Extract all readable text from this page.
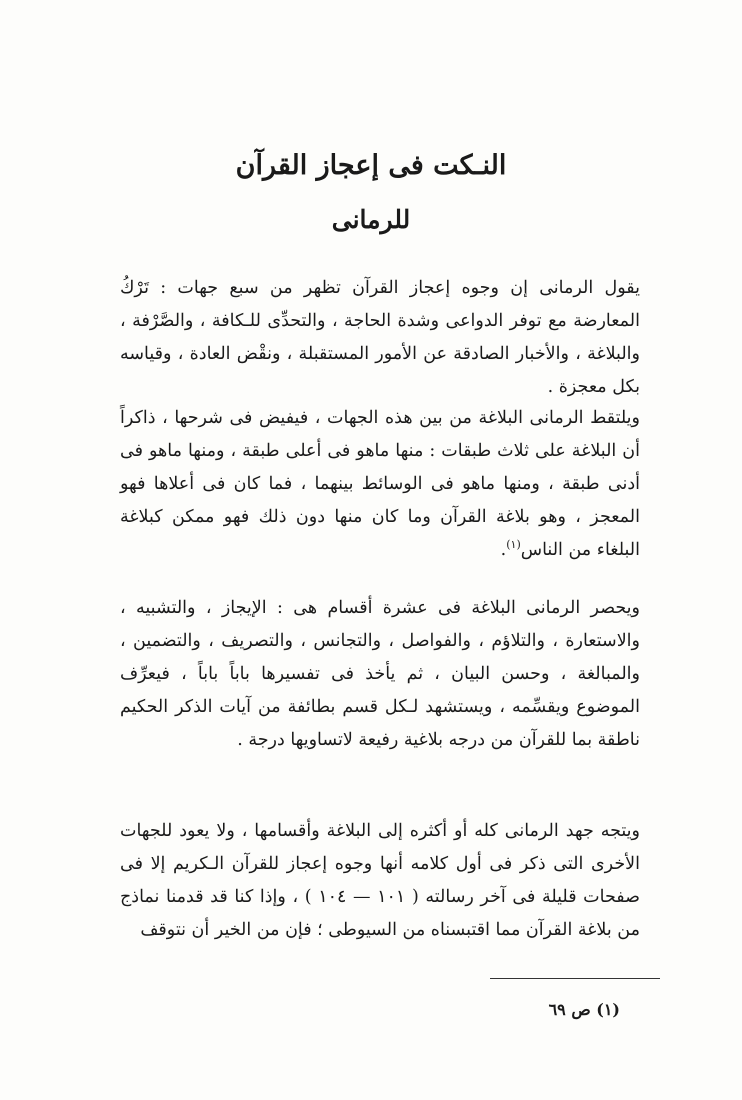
النـكت فى إعجاز القرآن
للرمانى

يقول الرمانى إن وجوه إعجاز القرآن تظهر من سبع جهات : تَرْكُ المعارضة مع توفر الدواعى وشدة الحاجة ، والتحدِّى للـكافة ، والصَّرْفة ، والبلاغة ، والأخبار الصادقة عن الأمور المستقبلة ، ونقْض العادة ، وقياسه بكل معجزة .

ويلتقط الرمانى البلاغة من بين هذه الجهات ، فيفيض فى شرحها ، ذاكراً أن البلاغة على ثلاث طبقات : منها ماهو فى أعلى طبقة ، ومنها ماهو فى أدنى طبقة ، ومنها ماهو فى الوسائط بينهما ، فما كان فى أعلاها فهو المعجز ، وهو بلاغة القرآن وما كان منها دون ذلك فهو ممكن كبلاغة البلغاء من الناس$^{(١)}$.

ويحصر الرمانى البلاغة فى عشرة أقسام هى : الإيجاز ، والتشبيه ، والاستعارة ، والتلاؤم ، والفواصل ، والتجانس ، والتصريف ، والتضمين ، والمبالغة ، وحسن البيان ، ثم يأخذ فى تفسيرها باباً باباً ، فيعرِّف الموضوع ويقسِّمه ، ويستشهد لـكل قسم بطائفة من آيات الذكر الحكيم ناطقة بما للقرآن من درجه بلاغية رفيعة لاتساويها درجة .

ويتجه جهد الرمانى كله أو أكثره إلى البلاغة وأقسامها ، ولا يعود للجهات الأخرى التى ذكر فى أول كلامه أنها وجوه إعجاز للقرآن الـكريم إلا فى صفحات قليلة فى آخر رسالته ( ١٠١ — ١٠٤ ) ، وإذا كنا قد قدمنا نماذج من بلاغة القرآن مما اقتبسناه من السيوطى ؛ فإن من الخير أن نتوقف

(١) ص ٦٩
